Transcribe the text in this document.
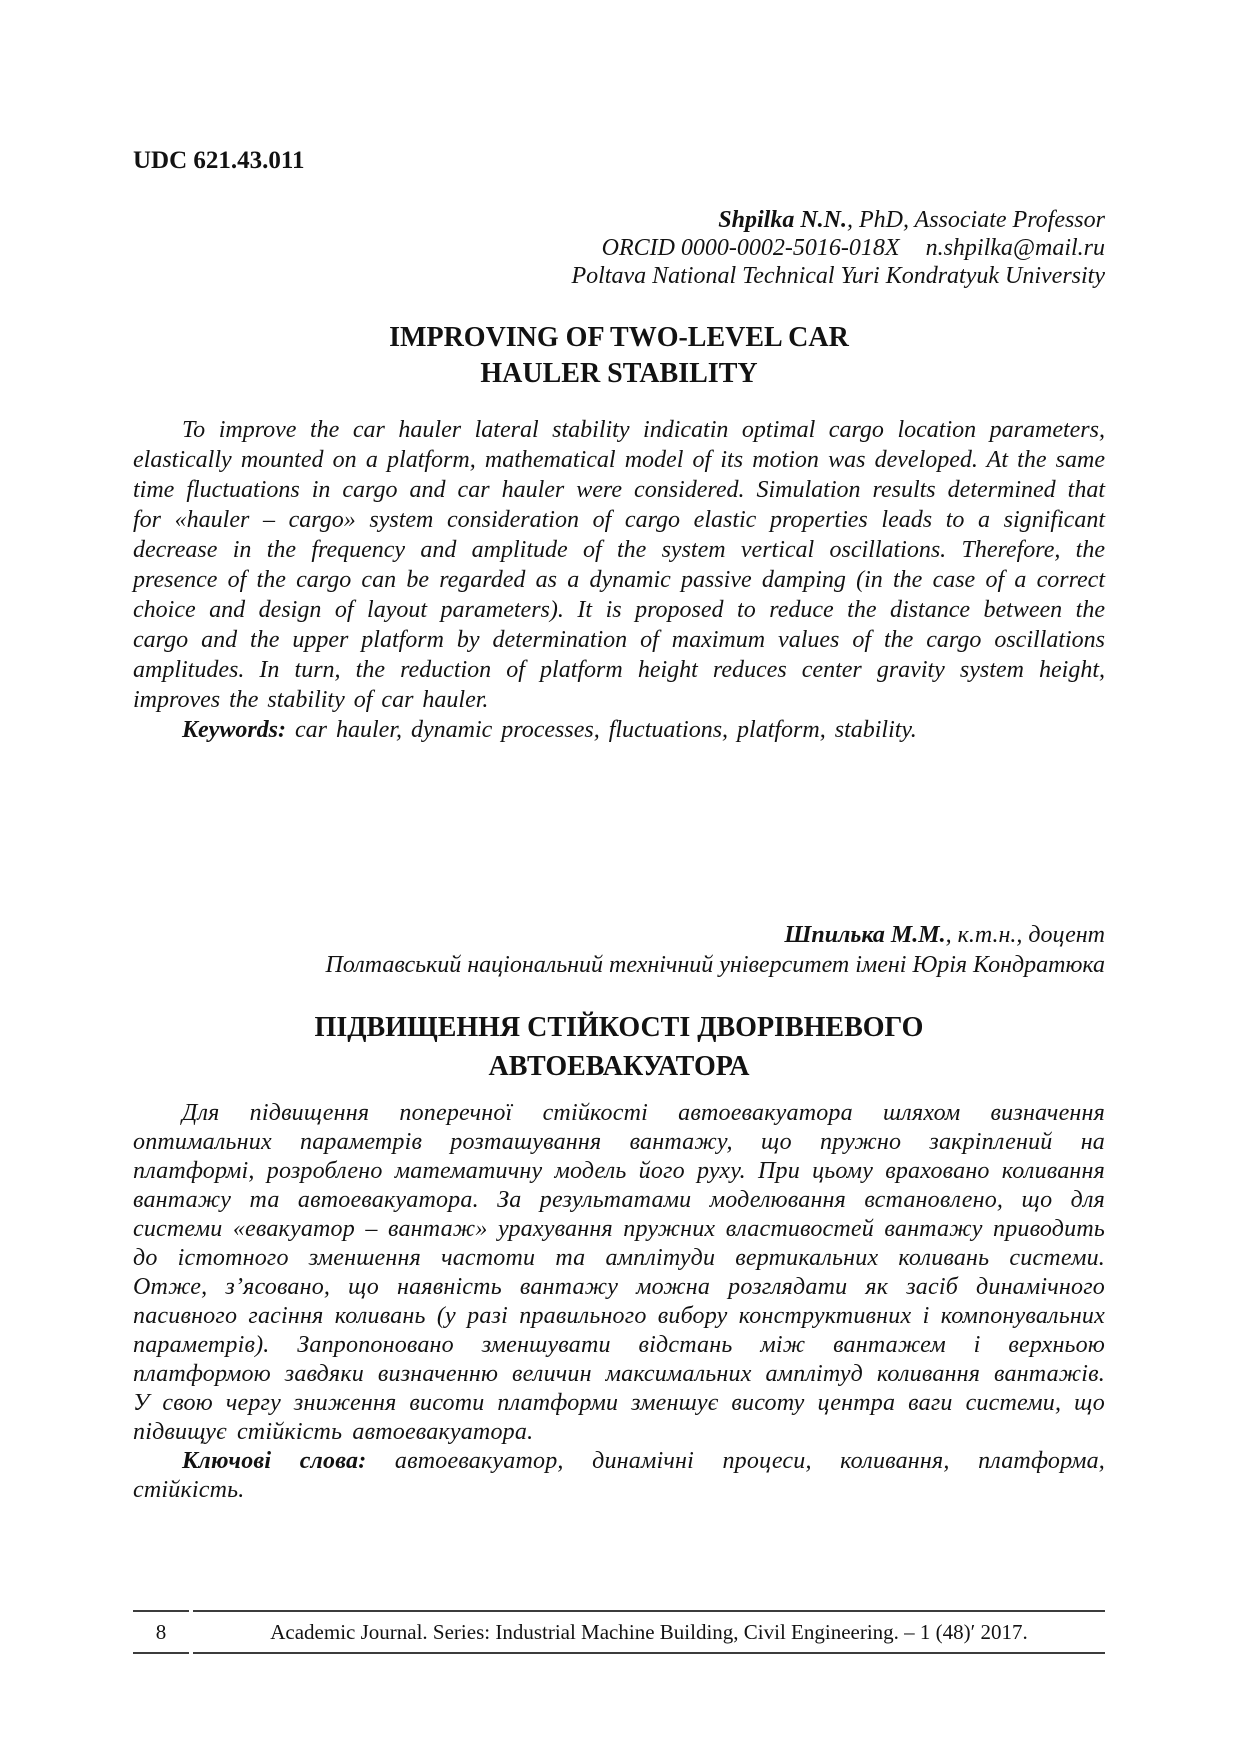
UDC 621.43.011
Shpilka N.N., PhD, Associate Professor
ORCID 0000-0002-5016-018X n.shpilka@mail.ru
Poltava National Technical Yuri Kondratyuk University
IMPROVING OF TWO-LEVEL CAR
HAULER STABILITY

To improve the car hauler lateral stability indicatin optimal cargo location parameters, elastically mounted on a platform, mathematical model of its motion was developed. At the same time fluctuations in cargo and car hauler were considered. Simulation results determined that for «hauler – cargo» system consideration of cargo elastic properties leads to a significant decrease in the frequency and amplitude of the system vertical oscillations. Therefore, the presence of the cargo can be regarded as a dynamic passive damping (in the case of a correct choice and design of layout parameters). It is proposed to reduce the distance between the cargo and the upper platform by determination of maximum values of the cargo oscillations amplitudes. In turn, the reduction of platform height reduces center gravity system height, improves the stability of car hauler.

Keywords: car hauler, dynamic processes, fluctuations, platform, stability.

Шпилька М.М., к.т.н., доцент
Полтавський національний технічний університет імені Юрія Кондратюка
ПІДВИЩЕННЯ СТІЙКОСТІ ДВОРІВНЕВОГО
АВТОЕВАКУАТОРА

Для підвищення поперечної стійкості автоевакуатора шляхом визначення оптимальних параметрів розташування вантажу, що пружно закріплений на платформі, розроблено математичну модель його руху. При цьому враховано коливання вантажу та автоевакуатора. За результатами моделювання встановлено, що для системи «евакуатор – вантаж» урахування пружних властивостей вантажу приводить до істотного зменшення частоти та амплітуди вертикальних коливань системи. Отже, з’ясовано, що наявність вантажу можна розглядати як засіб динамічного пасивного гасіння коливань (у разі правильного вибору конструктивних і компонувальних параметрів). Запропоновано зменшувати відстань між вантажем і верхньою платформою завдяки визначенню величин максимальних амплітуд коливання вантажів. У свою чергу зниження висоти платформи зменшує висоту центра ваги системи, що підвищує стійкість автоевакуатора.

Ключові слова: автоевакуатор, динамічні процеси, коливання, платформа, стійкість.

8	Academic Journal. Series: Industrial Machine Building, Civil Engineering. – 1 (48)′ 2017.
